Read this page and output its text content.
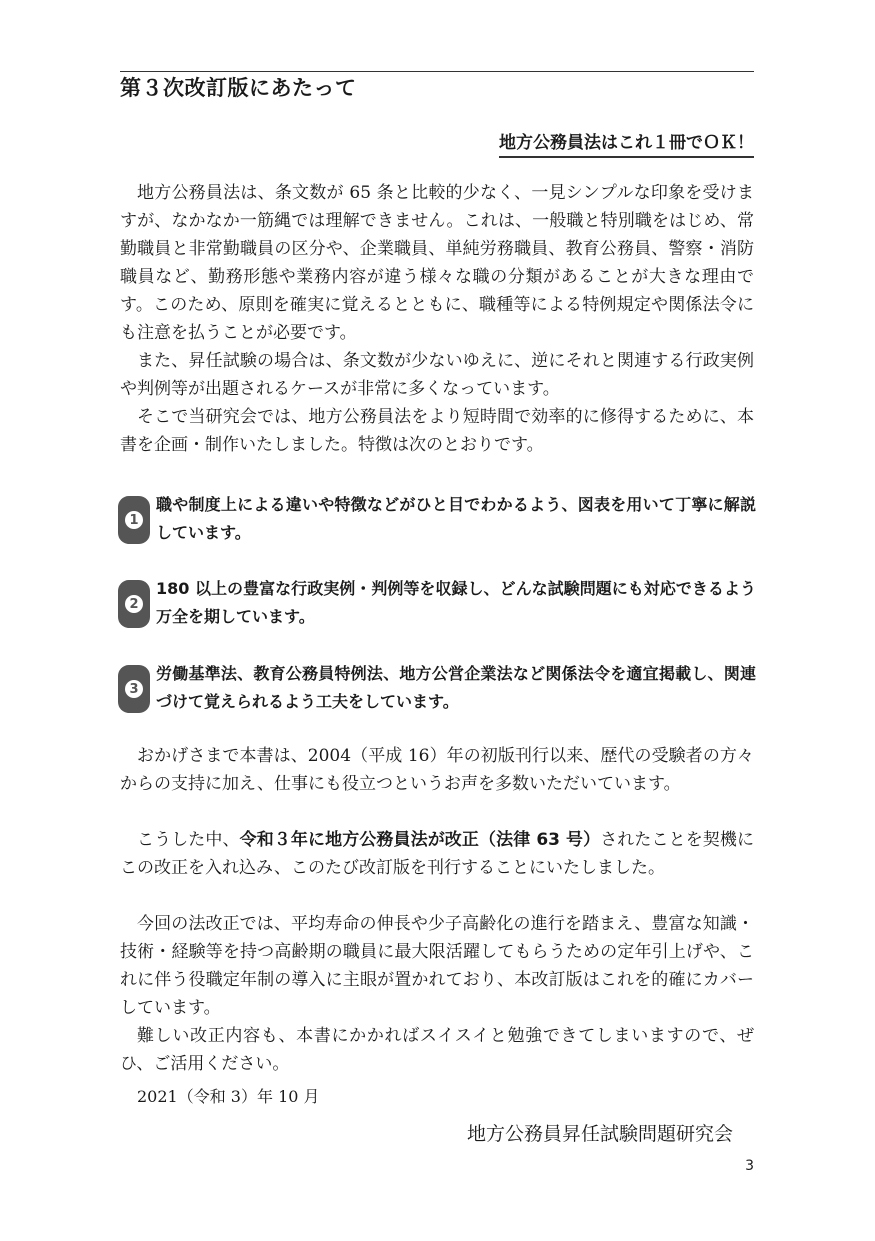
第３次改訂版にあたって
地方公務員法はこれ１冊でＯＫ！

地方公務員法は、条文数が 65 条と比較的少なく、一見シンプルな印象を受けますが、なかなか一筋縄では理解できません。これは、一般職と特別職をはじめ、常勤職員と非常勤職員の区分や、企業職員、単純労務職員、教育公務員、警察・消防職員など、勤務形態や業務内容が違う様々な職の分類があることが大きな理由です。このため、原則を確実に覚えるとともに、職種等による特例規定や関係法令にも注意を払うことが必要です。

また、昇任試験の場合は、条文数が少ないゆえに、逆にそれと関連する行政実例や判例等が出題されるケースが非常に多くなっています。

そこで当研究会では、地方公務員法をより短時間で効率的に修得するために、本書を企画・制作いたしました。特徴は次のとおりです。

1

職や制度上による違いや特徴などがひと目でわかるよう、図表を用いて丁寧に解説しています。

2

180 以上の豊富な行政実例・判例等を収録し、どんな試験問題にも対応できるよう万全を期しています。

3

労働基準法、教育公務員特例法、地方公営企業法など関係法令を適宜掲載し、関連づけて覚えられるよう工夫をしています。

おかげさまで本書は、2004（平成 16）年の初版刊行以来、歴代の受験者の方々からの支持に加え、仕事にも役立つというお声を多数いただいています。

こうした中、令和３年に地方公務員法が改正（法律 63 号）されたことを契機にこの改正を入れ込み、このたび改訂版を刊行することにいたしました。

今回の法改正では、平均寿命の伸長や少子高齢化の進行を踏まえ、豊富な知識・技術・経験等を持つ高齢期の職員に最大限活躍してもらうための定年引上げや、これに伴う役職定年制の導入に主眼が置かれており、本改訂版はこれを的確にカバーしています。

難しい改正内容も、本書にかかればスイスイと勉強できてしまいますので、ぜひ、ご活用ください。

2021（令和 3）年 10 月
地方公務員昇任試験問題研究会
3
